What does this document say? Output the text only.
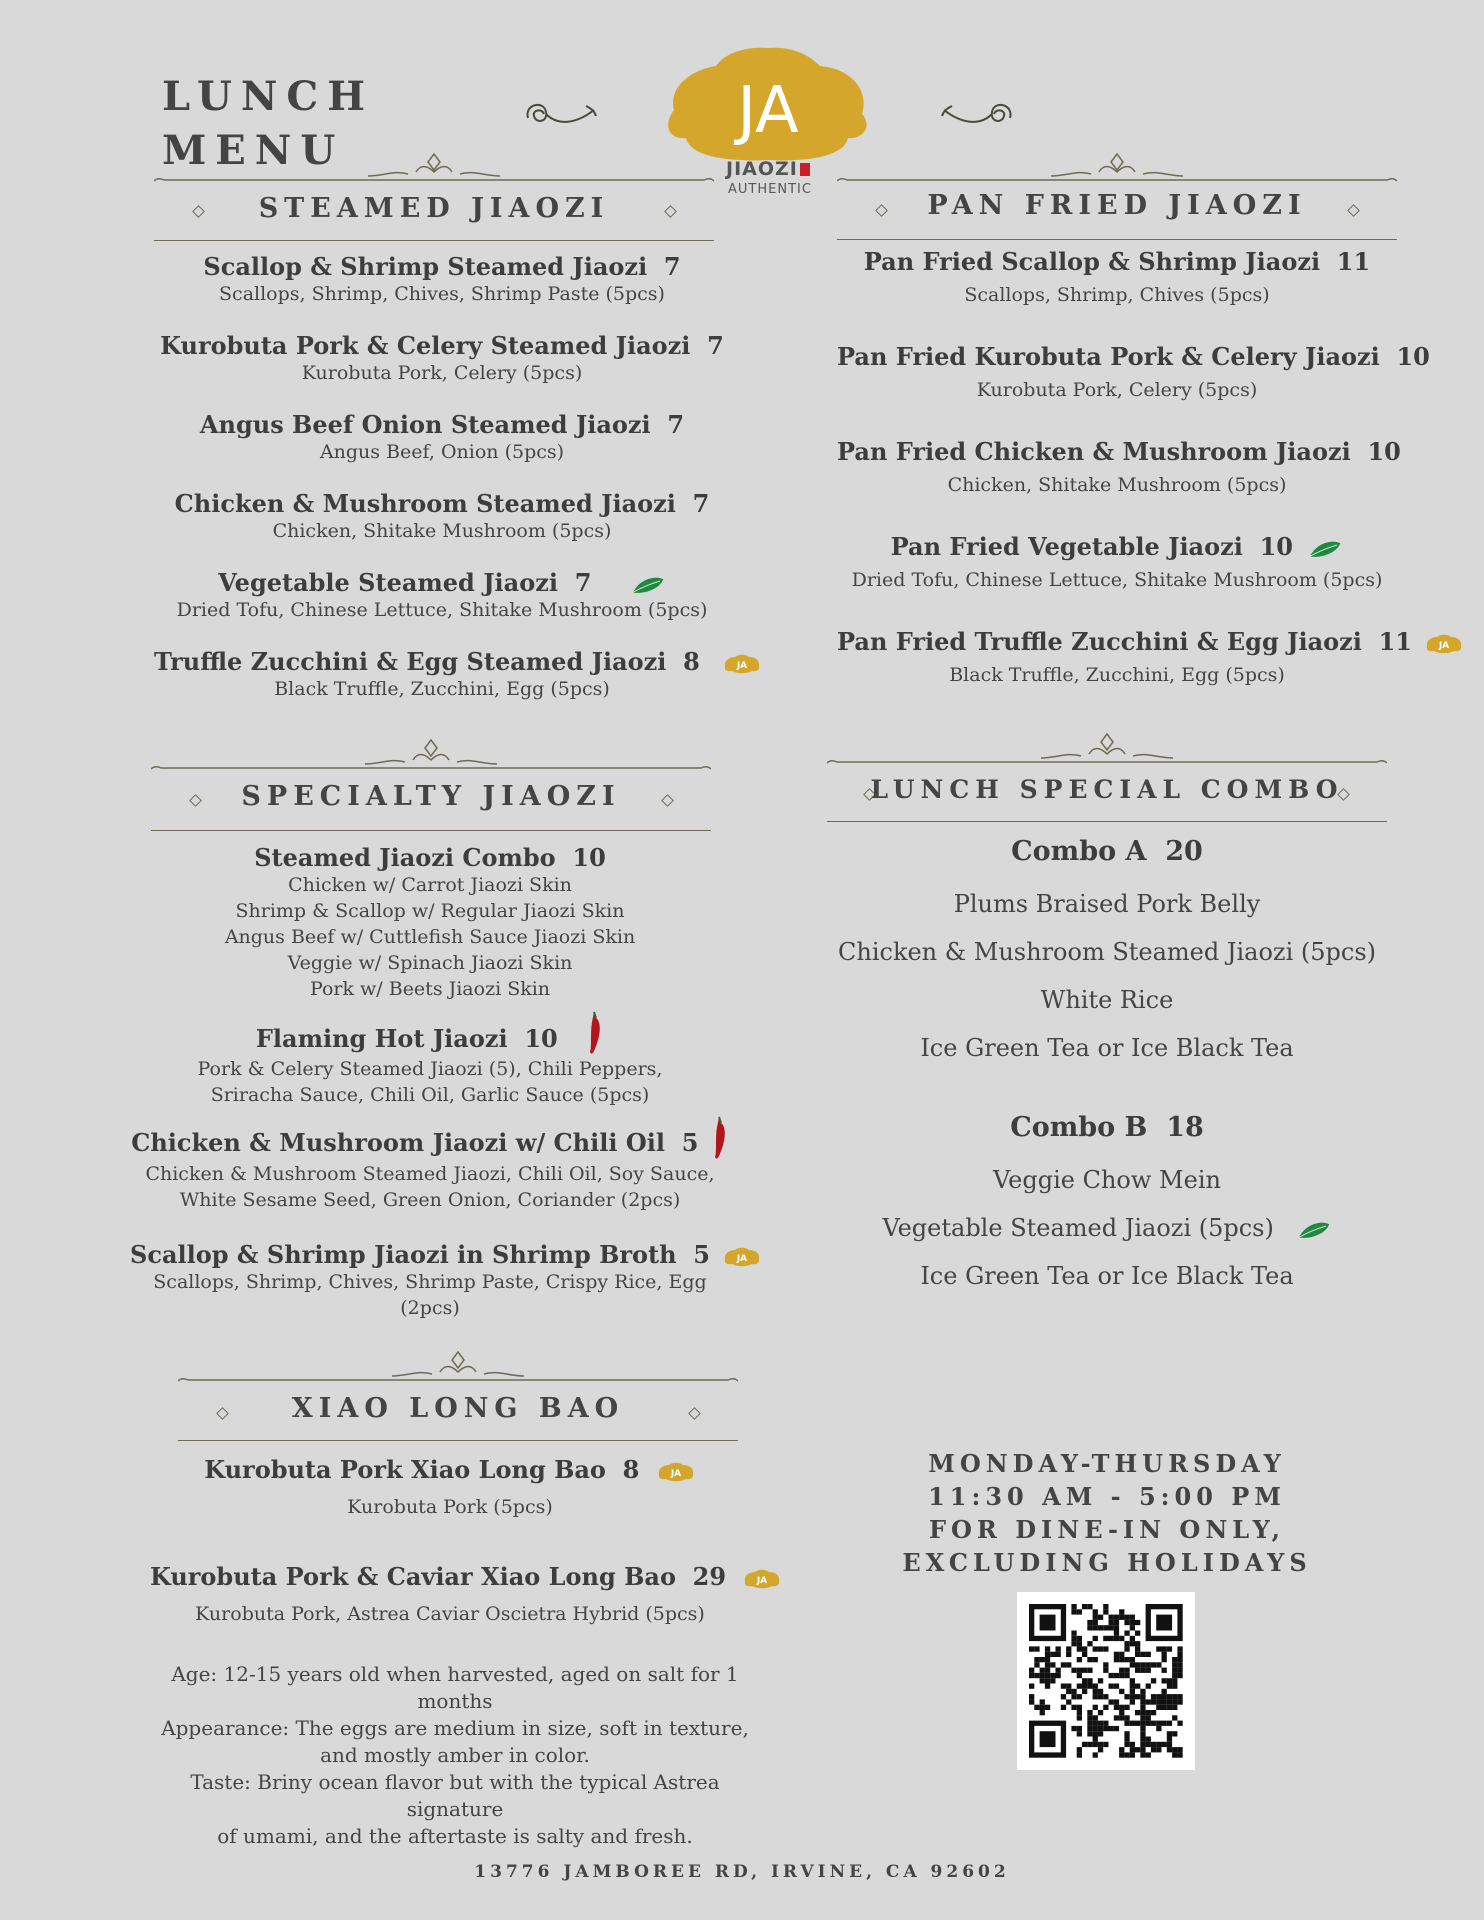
LUNCH
MENU
JA
JIAOZI
AUTHENTIC
STEAMED JIAOZI
Scallop & Shrimp Steamed Jiaozi 7
Scallops, Shrimp, Chives, Shrimp Paste (5pcs)
Kurobuta Pork & Celery Steamed Jiaozi 7
Kurobuta Pork, Celery (5pcs)
Angus Beef Onion Steamed Jiaozi 7
Angus Beef, Onion (5pcs)
Chicken & Mushroom Steamed Jiaozi 7
Chicken, Shitake Mushroom (5pcs)
Vegetable Steamed Jiaozi 7
Dried Tofu, Chinese Lettuce, Shitake Mushroom (5pcs)
Truffle Zucchini & Egg Steamed Jiaozi 8	JA
Black Truffle, Zucchini, Egg (5pcs)
PAN FRIED JIAOZI
Pan Fried Scallop & Shrimp Jiaozi 11
Scallops, Shrimp, Chives (5pcs)
Pan Fried Kurobuta Pork & Celery Jiaozi 10
Kurobuta Pork, Celery (5pcs)
Pan Fried Chicken & Mushroom Jiaozi 10
Chicken, Shitake Mushroom (5pcs)
Pan Fried Vegetable Jiaozi 10
Dried Tofu, Chinese Lettuce, Shitake Mushroom (5pcs)
Pan Fried Truffle Zucchini & Egg Jiaozi 11	JA
Black Truffle, Zucchini, Egg (5pcs)
SPECIALTY JIAOZI
Steamed Jiaozi Combo 10
Chicken w/ Carrot Jiaozi Skin
Shrimp & Scallop w/ Regular Jiaozi Skin
Angus Beef w/ Cuttlefish Sauce Jiaozi Skin
Veggie w/ Spinach Jiaozi Skin
Pork w/ Beets Jiaozi Skin
Flaming Hot Jiaozi 10
Pork & Celery Steamed Jiaozi (5), Chili Peppers,
Sriracha Sauce, Chili Oil, Garlic Sauce (5pcs)
Chicken & Mushroom Jiaozi w/ Chili Oil 5
Chicken & Mushroom Steamed Jiaozi, Chili Oil, Soy Sauce,
White Sesame Seed, Green Onion, Coriander (2pcs)
Scallop & Shrimp Jiaozi in Shrimp Broth 5	JA
Scallops, Shrimp, Chives, Shrimp Paste, Crispy Rice, Egg
(2pcs)
XIAO LONG BAO
Kurobuta Pork Xiao Long Bao 8	JA
Kurobuta Pork (5pcs)
Kurobuta Pork & Caviar Xiao Long Bao 29	JA
Kurobuta Pork, Astrea Caviar Oscietra Hybrid (5pcs)
Age: 12-15 years old when harvested, aged on salt for 1 months
Appearance: The eggs are medium in size, soft in texture,
and mostly amber in color.
Taste: Briny ocean flavor but with the typical Astrea signature
of umami, and the aftertaste is salty and fresh.
LUNCH SPECIAL COMBO
Combo A 20
Plums Braised Pork Belly
Chicken & Mushroom Steamed Jiaozi (5pcs)
White Rice
Ice Green Tea or Ice Black Tea
Combo B 18
Veggie Chow Mein
Vegetable Steamed Jiaozi (5pcs)
Ice Green Tea or Ice Black Tea
MONDAY-THURSDAY
11:30 AM - 5:00 PM
FOR DINE-IN ONLY,
EXCLUDING HOLIDAYS
13776 JAMBOREE RD, IRVINE, CA 92602
